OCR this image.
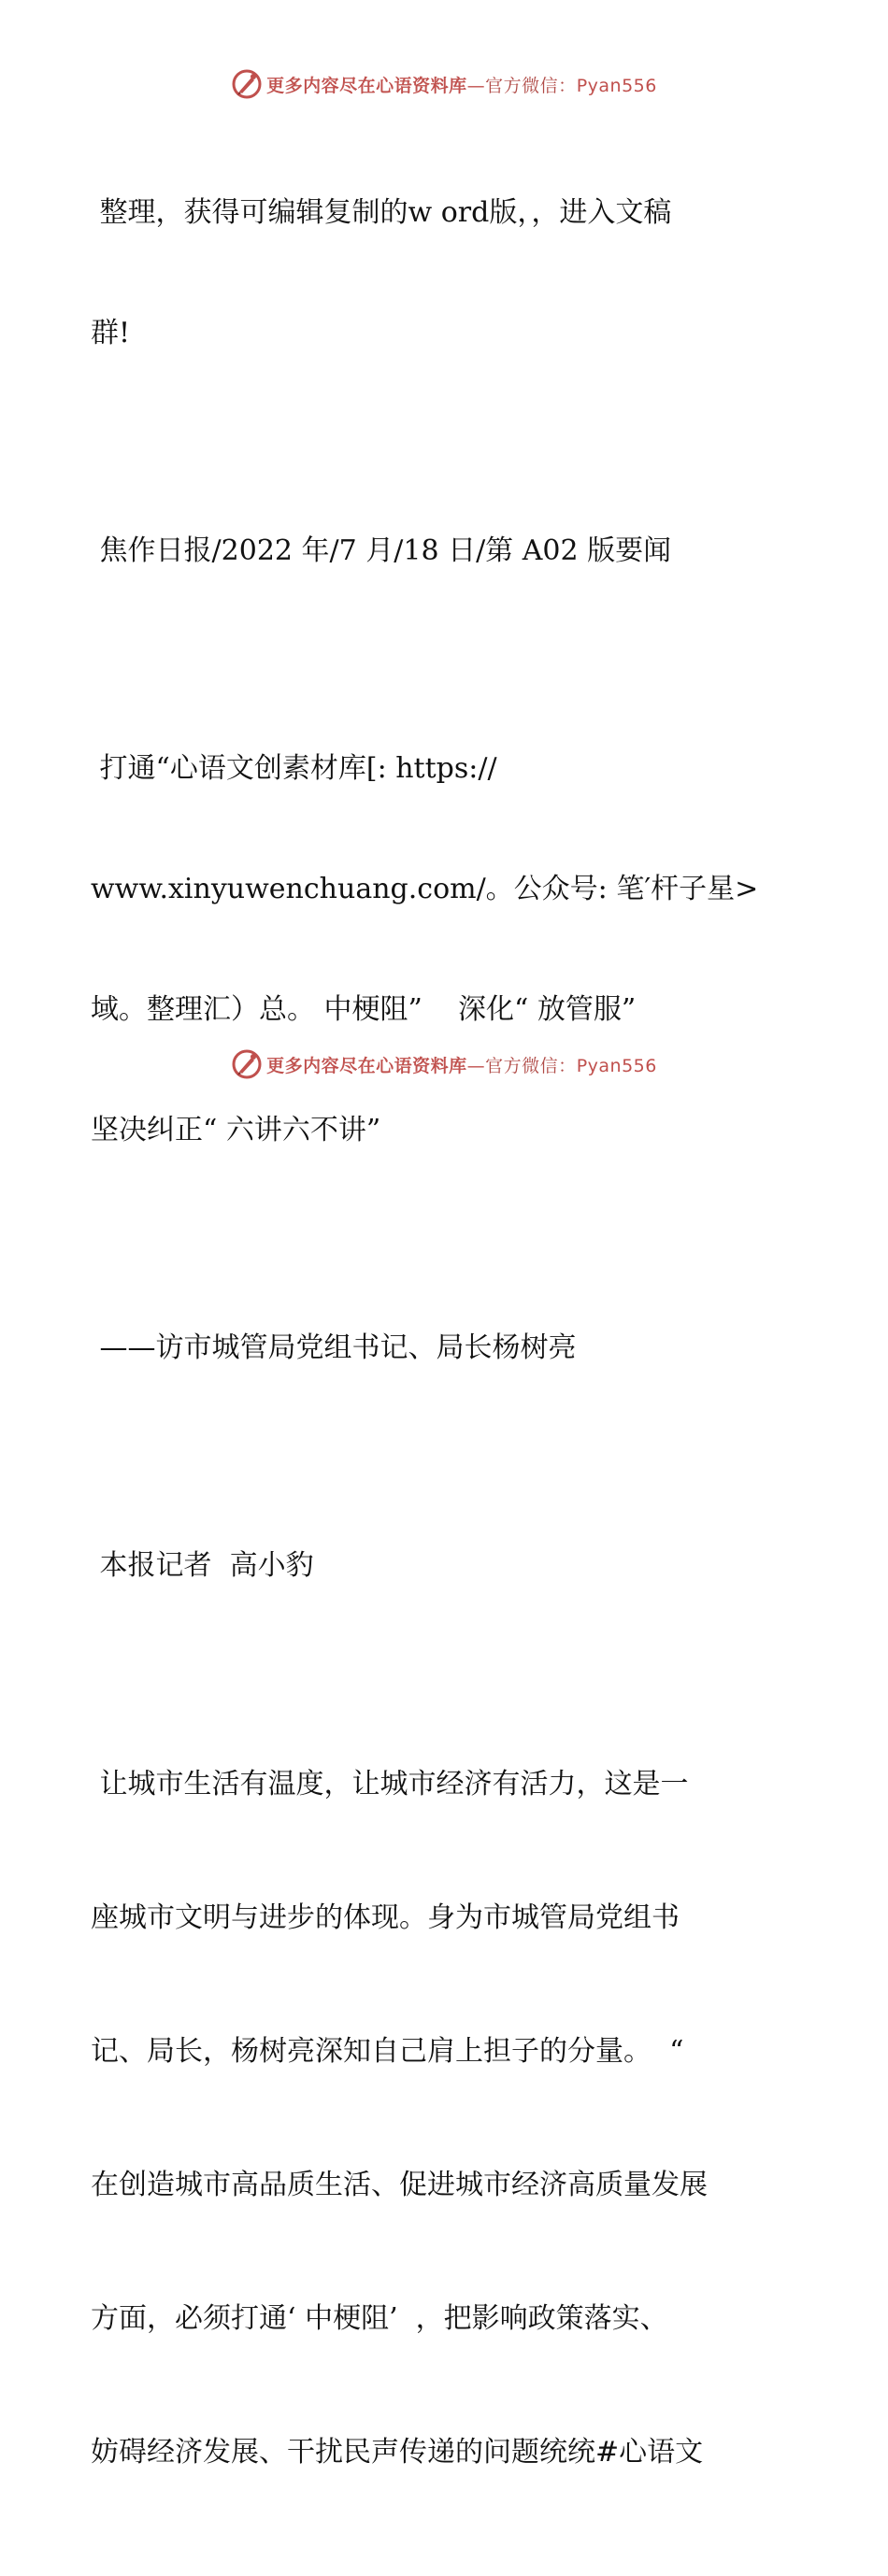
更多内容尽在心语资料库—官方微信：Pyan556

整理，获得可编辑复制的w ord版，，进入文稿

群!

焦作日报/2022 年/7 月/18 日/第 A02 版要闻

打通“心语文创素材库[: https://

www.xinyuwenchuang.com/。公众号: 笔′杆子星>

域。整理汇）总。 中梗阻”    深化“ 放管服”

坚决纠正“ 六讲六不讲”

——访市城管局党组书记、局长杨树亮

本报记者  高小豹

让城市生活有温度，让城市经济有活力，这是一

座城市文明与进步的体现。身为市城管局党组书

记、局长，杨树亮深知自己肩上担子的分量。  “

在创造城市高品质生活、促进城市经济高质量发展

方面，必须打通‘ 中梗阻’  ，把影响政策落实、

妨碍经济发展、干扰民声传递的问题统统#心语文

更多内容尽在心语资料库—官方微信：Pyan556
